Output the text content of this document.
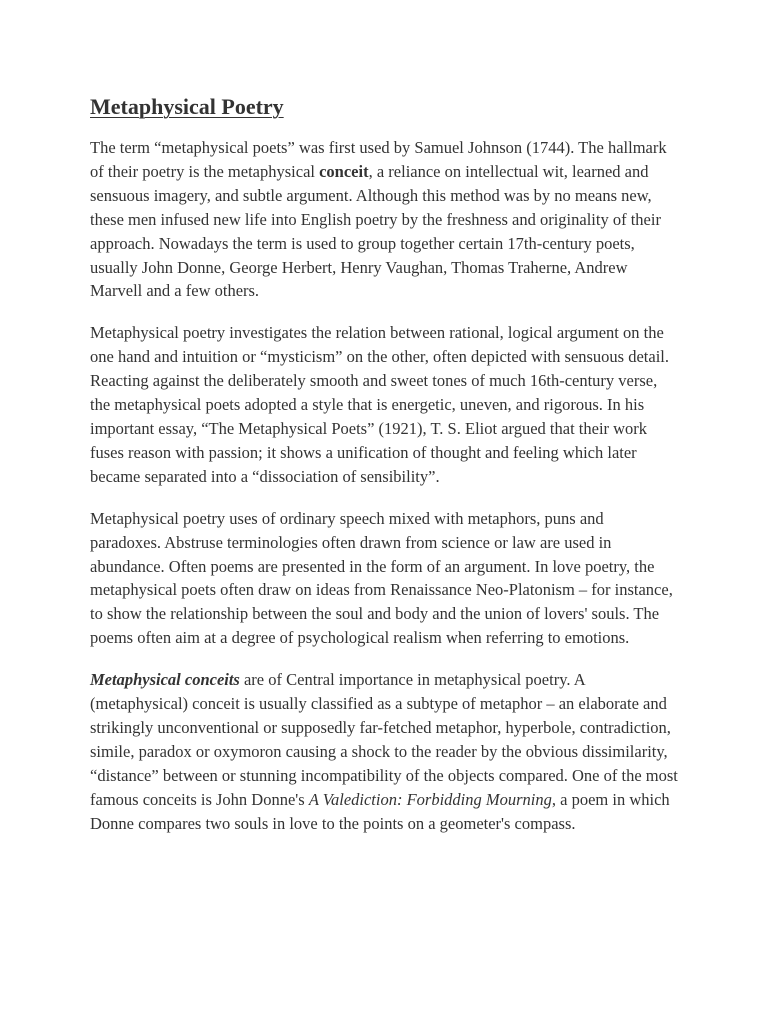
Metaphysical Poetry

The term “metaphysical poets” was first used by Samuel Johnson (1744). The hallmark of their poetry is the metaphysical conceit, a reliance on intellectual wit, learned and sensuous imagery, and subtle argument. Although this method was by no means new, these men infused new life into English poetry by the freshness and originality of their approach. Nowadays the term is used to group together certain 17th-century poets, usually John Donne, George Herbert, Henry Vaughan, Thomas Traherne, Andrew Marvell and a few others.

Metaphysical poetry investigates the relation between rational, logical argument on the one hand and intuition or “mysticism” on the other, often depicted with sensuous detail. Reacting against the deliberately smooth and sweet tones of much 16th-century verse, the metaphysical poets adopted a style that is energetic, uneven, and rigorous. In his important essay, “The Metaphysical Poets” (1921), T. S. Eliot argued that their work fuses reason with passion; it shows a unification of thought and feeling which later became separated into a “dissociation of sensibility”.

Metaphysical poetry uses of ordinary speech mixed with metaphors, puns and paradoxes. Abstruse terminologies often drawn from science or law are used in abundance. Often poems are presented in the form of an argument. In love poetry, the metaphysical poets often draw on ideas from Renaissance Neo-Platonism – for instance, to show the relationship between the soul and body and the union of lovers' souls. The poems often aim at a degree of psychological realism when referring to emotions.

Metaphysical conceits are of Central importance in metaphysical poetry. A (metaphysical) conceit is usually classified as a subtype of metaphor – an elaborate and strikingly unconventional or supposedly far-fetched metaphor, hyperbole, contradiction, simile, paradox or oxymoron causing a shock to the reader by the obvious dissimilarity, “distance” between or stunning incompatibility of the objects compared. One of the most famous conceits is John Donne's A Valediction: Forbidding Mourning, a poem in which Donne compares two souls in love to the points on a geometer's compass.
